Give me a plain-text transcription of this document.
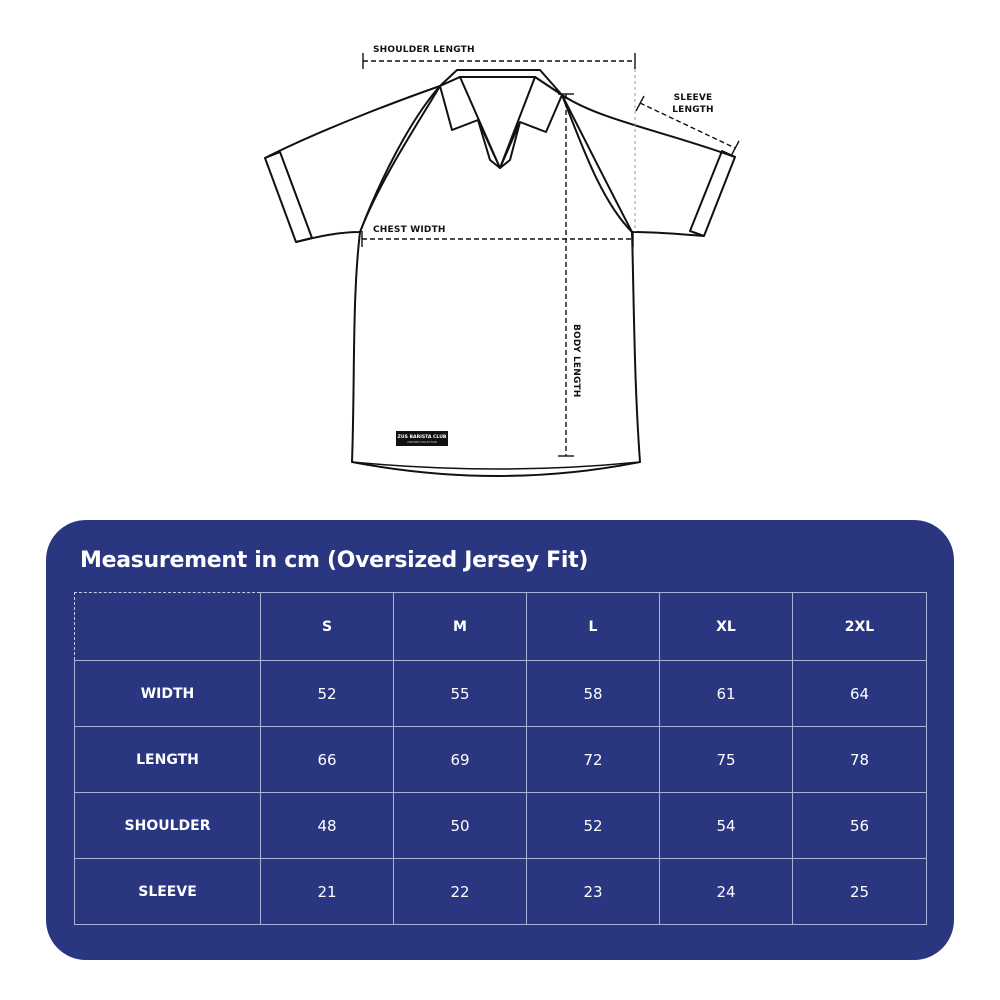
ZUS BARISTA CLUB
UNIFORM COLLECTION
SHOULDER LENGTH
SLEEVE
LENGTH
CHEST WIDTH
BODY LENGTH
Measurement in cm (Oversized Jersey Fit)
	S	M	L	XL	2XL
WIDTH	52	55	58	61	64
LENGTH	66	69	72	75	78
SHOULDER	48	50	52	54	56
SLEEVE	21	22	23	24	25
